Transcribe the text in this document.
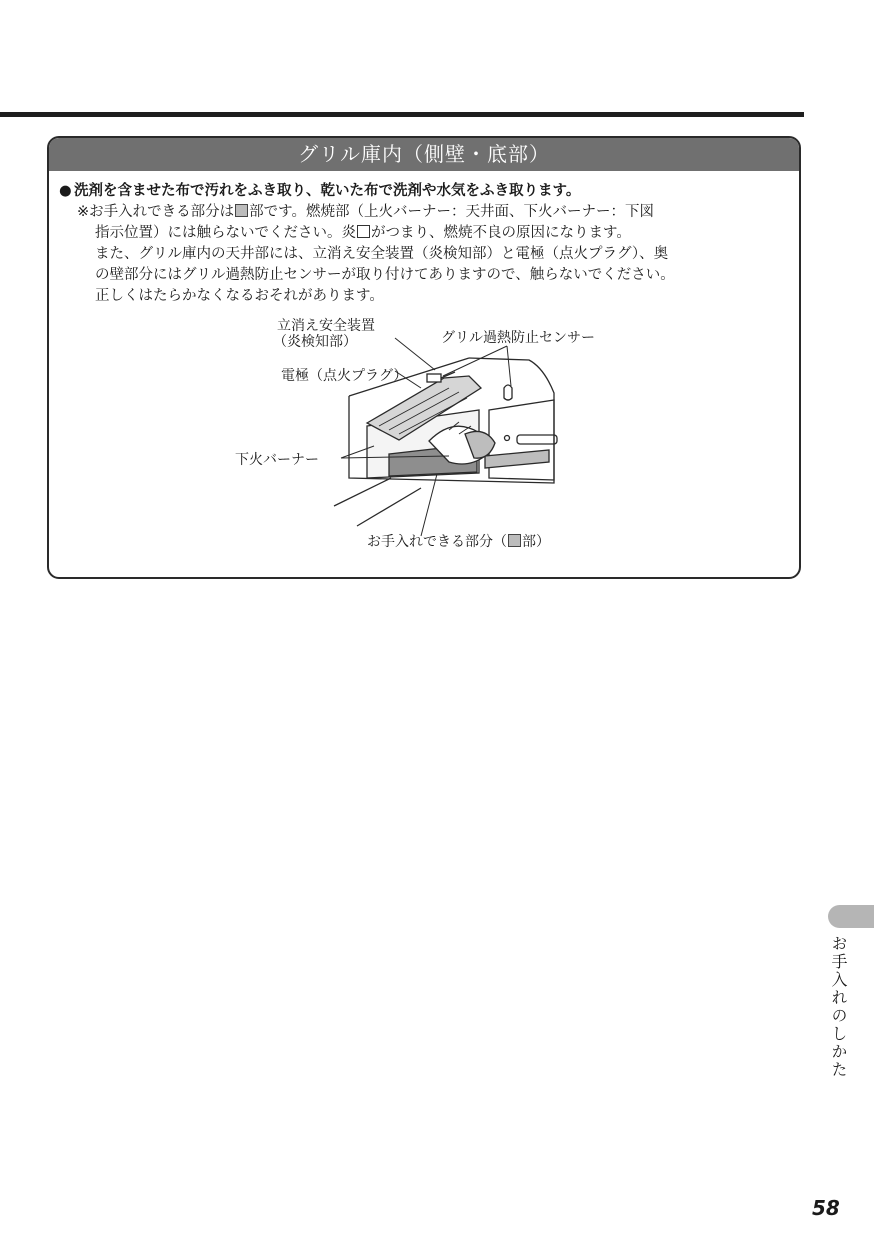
グリル庫内（側壁・底部）
● 洗剤を含ませた布で汚れをふき取り、乾いた布で洗剤や水気をふき取ります。
※お手入れできる部分は 部です。燃焼部（上火バーナー：天井面、下火バーナー：下図
指示位置）には触らないでください。炎 がつまり、燃焼不良の原因になります。
また、グリル庫内の天井部には、立消え安全装置（炎検知部）と電極（点火プラグ）、奥
の壁部分にはグリル過熱防止センサーが取り付けてありますので、触らないでください。
正しくはたらかなくなるおそれがあります。
立消え安全装置
（炎検知部）	グリル過熱防止センサー
電極（点火プラグ）
下火バーナー
お手入れできる部分（ 部）
お手入れのしかた
58
